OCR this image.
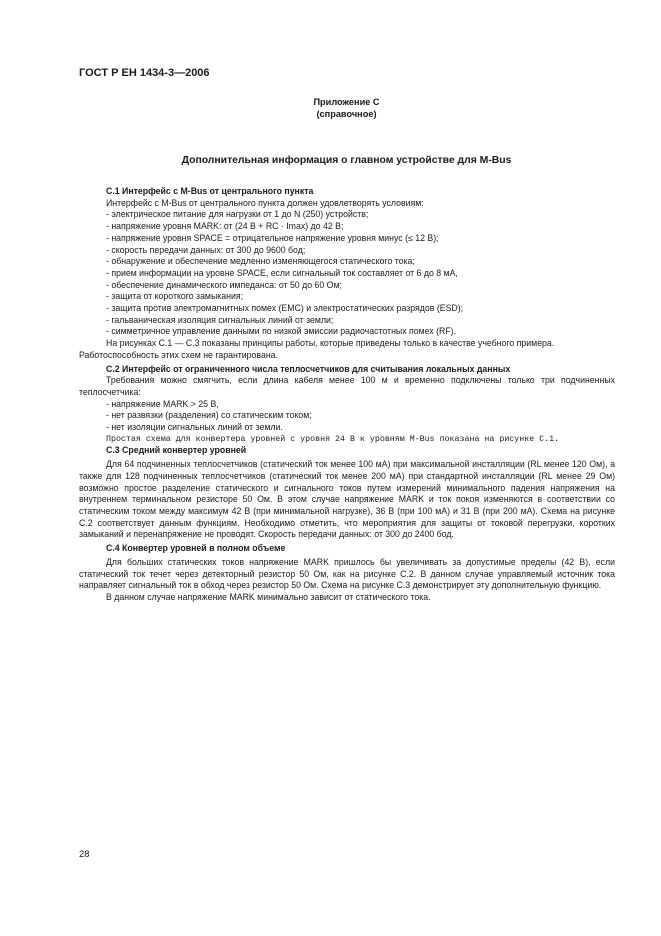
ГОСТ Р ЕН 1434-3—2006
Приложение С
(справочное)
Дополнительная информация о главном устройстве для M-Bus

С.1 Интерфейс с M-Bus от центрального пункта

Интерфейс с M-Bus от центрального пункта должен удовлетворять условиям:

- электрическое питание для нагрузки от 1 до N (250) устройств;

- напряжение уровня MARK: от (24 В + RC · Imax) до 42 В;

- напряжение уровня SPACE = отрицательное напряжение уровня минус (≤ 12 В);

- скорость передачи данных: от 300 до 9600 бод;

- обнаружение и обеспечение медленно изменяющегося статического тока;

- прием информации на уровне SPACE, если сигнальный ток составляет от 6 до 8 мА,

- обеспечение динамического импеданса: от 50 до 60 Ом;

- защита от короткого замыкания;

- защита против электромагнитных помех (ЕМС) и электростатических разрядов (ESD);

- гальваническая изоляция сигнальных линий от земли;

- симметричное управление данными по низкой эмиссии радиочастотных помех (RF).

На рисунках С.1 — С.3 показаны принципы работы, которые приведены только в качестве учебного примера.

Работоспособность этих схем не гарантирована.

С.2 Интерфейс от ограниченного числа теплосчетчиков для считывания локальных данных

Требования можно смягчить, если длина кабеля менее 100 м и временно подключены только три подчиненных теплосчетчика:

- напряжение MARK > 25 В,

- нет развязки (разделения) со статическим током;

- нет изоляции сигнальных линий от земли.

Простая схема для конвертера уровней с уровня 24 В к уровням M-Bus показана на рисунке С.1.

С.3 Средний конвертер уровней

Для 64 подчиненных теплосчетчиков (статический ток менее 100 мА) при максимальной инсталляции (RL менее 120 Ом), а также для 128 подчиненных теплосчетчиков (статический ток менее 200 мА) при стандартной инсталляции (RL менее 29 Ом) возможно простое разделение статического и сигнального токов путем измерений минимального падения напряжения на внутреннем терминальном резисторе 50 Ом. В этом случае напряжение MARK и ток покоя изменяются в соответствии со статическим током между максимум 42 В (при минимальной нагрузке), 36 В (при 100 мА) и 31 В (при 200 мА). Схема на рисунке С.2 соответствует данным функциям. Необходимо отметить, что мероприятия для защиты от токовой перегрузки, коротких замыканий и перенапряжение не проводят. Скорость передачи данных: от 300 до 2400 бод.

С.4 Конвертер уровней в полном объеме

Для больших статических токов напряжение MARK пришлось бы увеличивать за допустимые пределы (42 В), если статический ток течет через детекторный резистор 50 Ом, как на рисунке С.2. В данном случае управляемый источник тока направляет сигнальный ток в обход через резистор 50 Ом. Схема на рисунке С.3 демонстрирует эту дополнительную функцию.

В данном случае напряжение MARK минимально зависит от статического тока.

28
